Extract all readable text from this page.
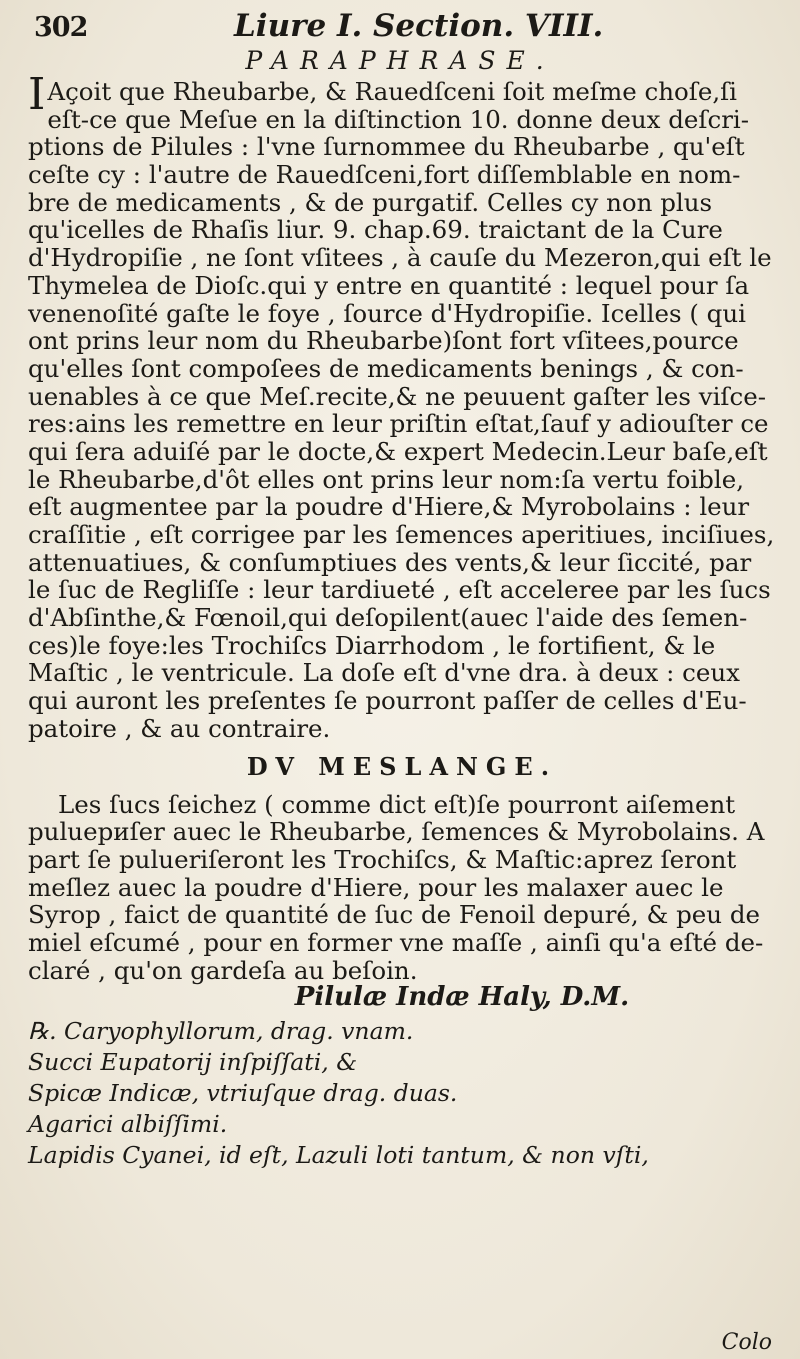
302	Liure I. Section. VIII.
PARAPHRASE.
I Açoit que Rheubarbe, & Rauedſceni ſoit meſme choſe,ſi
eſt-ce que Meſue en la diſtinction 10. donne deux deſcri-
ptions de Pilules : l'vne ſurnommee du Rheubarbe , qu'eſt
ceſte cy : l'autre de Rauedſceni,fort diſſemblable en nom-
bre de medicaments , & de purgatif. Celles cy non plus
qu'icelles de Rhaſis liur. 9. chap.69. traictant de la Cure
d'Hydropiſie , ne ſont vſitees , à cauſe du Mezeron,qui eſt le
Thymelea de Dioſc.qui y entre en quantité : lequel pour ſa
venenoſité gaſte le foye , ſource d'Hydropiſie. Icelles ( qui
ont prins leur nom du Rheubarbe)ſont fort vſitees,pource
qu'elles ſont compoſees de medicaments benings , & con-
uenables à ce que Meſ.recite,& ne peuuent gaſter les viſce-
res:ains les remettre en leur priſtin eſtat,ſauf y adiouſter ce
qui ſera aduiſé par le docte,& expert Medecin.Leur baſe,eſt
le Rheubarbe,d'ôt elles ont prins leur nom:ſa vertu foible,
eſt augmentee par la poudre d'Hiere,& Myrobolains : leur
craſſitie , eſt corrigee par les ſemences aperitiues, inciſiues,
attenuatiues, & conſumptiues des vents,& leur ſiccité, par
le ſuc de Regliſſe : leur tardiueté , eſt acceleree par les ſucs
d'Abſinthe,& Fœnoil,qui deſopilent(auec l'aide des ſemen-
ces)le foye:les Trochiſcs Diarrhodom , le fortifient, & le
Maſtic , le ventricule. La doſe eſt d'vne dra. à deux : ceux
qui auront les preſentes ſe pourront paſſer de celles d'Eu-
patoire , & au contraire.
DV MESLANGE.
Les ſucs ſeichez ( comme dict eſt)ſe pourront aiſement
puluериſer auec le Rheubarbe, ſemences & Myrobolains. A
part ſe pulueriſeront les Trochiſcs, & Maſtic:aprez ſeront
meſlez auec la poudre d'Hiere, pour les malaxer auec le
Syrop , faict de quantité de ſuc de Fenoil depuré, & peu de
miel eſcumé , pour en former vne maſſe , ainſi qu'a eſté de-
claré , qu'on gardeſa au beſoin.
Pilulæ Indæ Haly, D.M.
℞. Caryophyllorum, drag. vnam.
Succi Eupatorij inſpiſſati, &
Spicæ Indicæ, vtriuſque drag. duas.
Agarici albiſſimi.
Lapidis Cyanei, id eſt, Lazuli loti tantum, & non vſti,
Colo
